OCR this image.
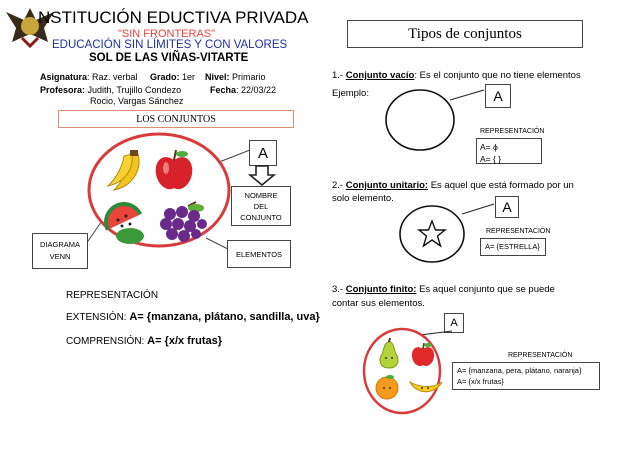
NSTITUCIÓN EDUCTIVA PRIVADA
"SIN FRONTERAS"
EDUCACIÓN SIN LÍMITES Y CON VALORES
SOL DE LAS VIÑAS-VITARTE
Asignatura: Raz. verbal Grado: 1er Nivel: Primario
Profesora: Judith, Trujillo Condezo	Fecha: 22/03/22
Rocio, Vargas Sánchez
LOS CONJUNTOS
A
NOMBRE
DEL
CONJUNTO
ELEMENTOS
DIAGRAMA
VENN
REPRESENTACIÓN
EXTENSIÓN: A= {manzana, plátano, sandilla, uva}
COMPRENSIÓN: A= {x/x frutas}
Tipos de conjuntos
1.- Conjunto vacío: Es el conjunto que no tiene elementos
Ejemplo:	A
REPRESENTACIÓN
A= ϕ
A= { }
2.- Conjunto unitario: Es aquel que está formado por un
solo elemento.
A
REPRESENTACIÓN
A= {ESTRELLA}
3.- Conjunto finito: Es aquel conjunto que se puede
contar sus elementos.
A
REPRESENTACIÓN
A= {manzana, pera, plátano, naranja}
A= {x/x frutas}
